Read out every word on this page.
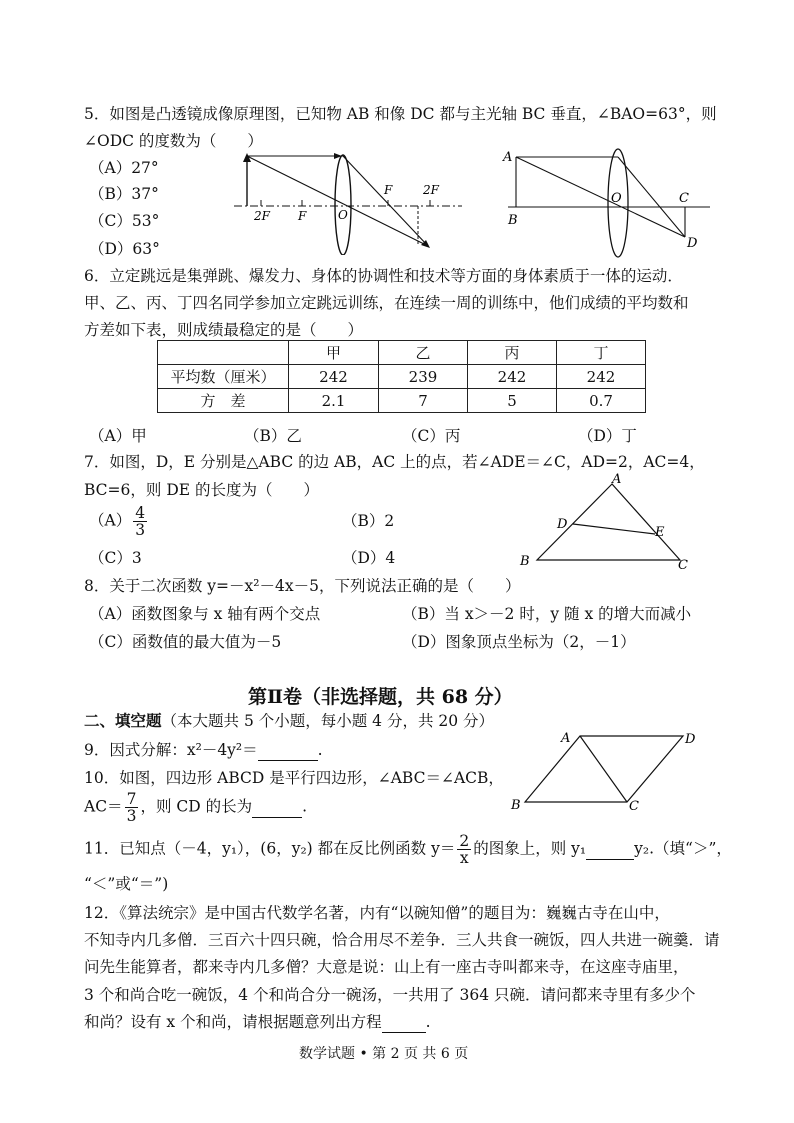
5．如图是凸透镜成像原理图，已知物 AB 和像 DC 都与主光轴 BC 垂直，∠BAO=63°，则
∠ODC 的度数为（　　）
（A）27°
（B）37°
（C）53°
（D）63°
2F F	O
F	2F
A
B
O	C
D
6．立定跳远是集弹跳、爆发力、身体的协调性和技术等方面的身体素质于一体的运动．
甲、乙、丙、丁四名同学参加立定跳远训练，在连续一周的训练中，他们成绩的平均数和
方差如下表，则成绩最稳定的是（　　）
	甲	乙	丙	丁
平均数（厘米）	242	239	242	242
方　差	2.1	7	5	0.7
（A）甲	（B）乙	（C）丙	（D）丁
7．如图，D，E 分别是△ABC 的边 AB，AC 上的点，若∠ADE＝∠C，AD=2，AC=4，
BC=6，则 DE 的长度为（　　）
$(A) \frac{4}{3}$	（B）2
（C）3	（D）4
A
B	C
D
E
8．关于二次函数 y=－x²－4x－5，下列说法正确的是（　　）
（A）函数图象与 x 轴有两个交点	（B）当 x＞－2 时，y 随 x 的增大而减小
（C）函数值的最大值为－5	（D）图象顶点坐标为（2，－1）
第Ⅱ卷（非选择题，共 68 分）
二、填空题（本大题共 5 个小题，每小题 4 分，共 20 分）
9．因式分解：x²－4y²＝	.
10．如图，四边形 ABCD 是平行四边形，∠ABC＝∠ACB，
$AC= \frac{7}{3}$ ，则 CD 的长为	.
A	D
B	C
11．已知点（－4，y₁），(6，y₂) 都在反比例函数 $y= \frac{2}{x}$ 的图象上，则 y₁	y₂.（填“＞”，
“＜”或“＝”)
12．《算法统宗》是中国古代数学名著，内有“以碗知僧”的题目为：巍巍古寺在山中，
不知寺内几多僧．三百六十四只碗，恰合用尽不差争．三人共食一碗饭，四人共进一碗羹．请
问先生能算者，都来寺内几多僧？大意是说：山上有一座古寺叫都来寺，在这座寺庙里，
3 个和尚合吃一碗饭，4 个和尚合分一碗汤，一共用了 364 只碗．请问都来寺里有多少个
和尚？设有 x 个和尚，请根据题意列出方程	.
数学试题 • 第 2 页 共 6 页
